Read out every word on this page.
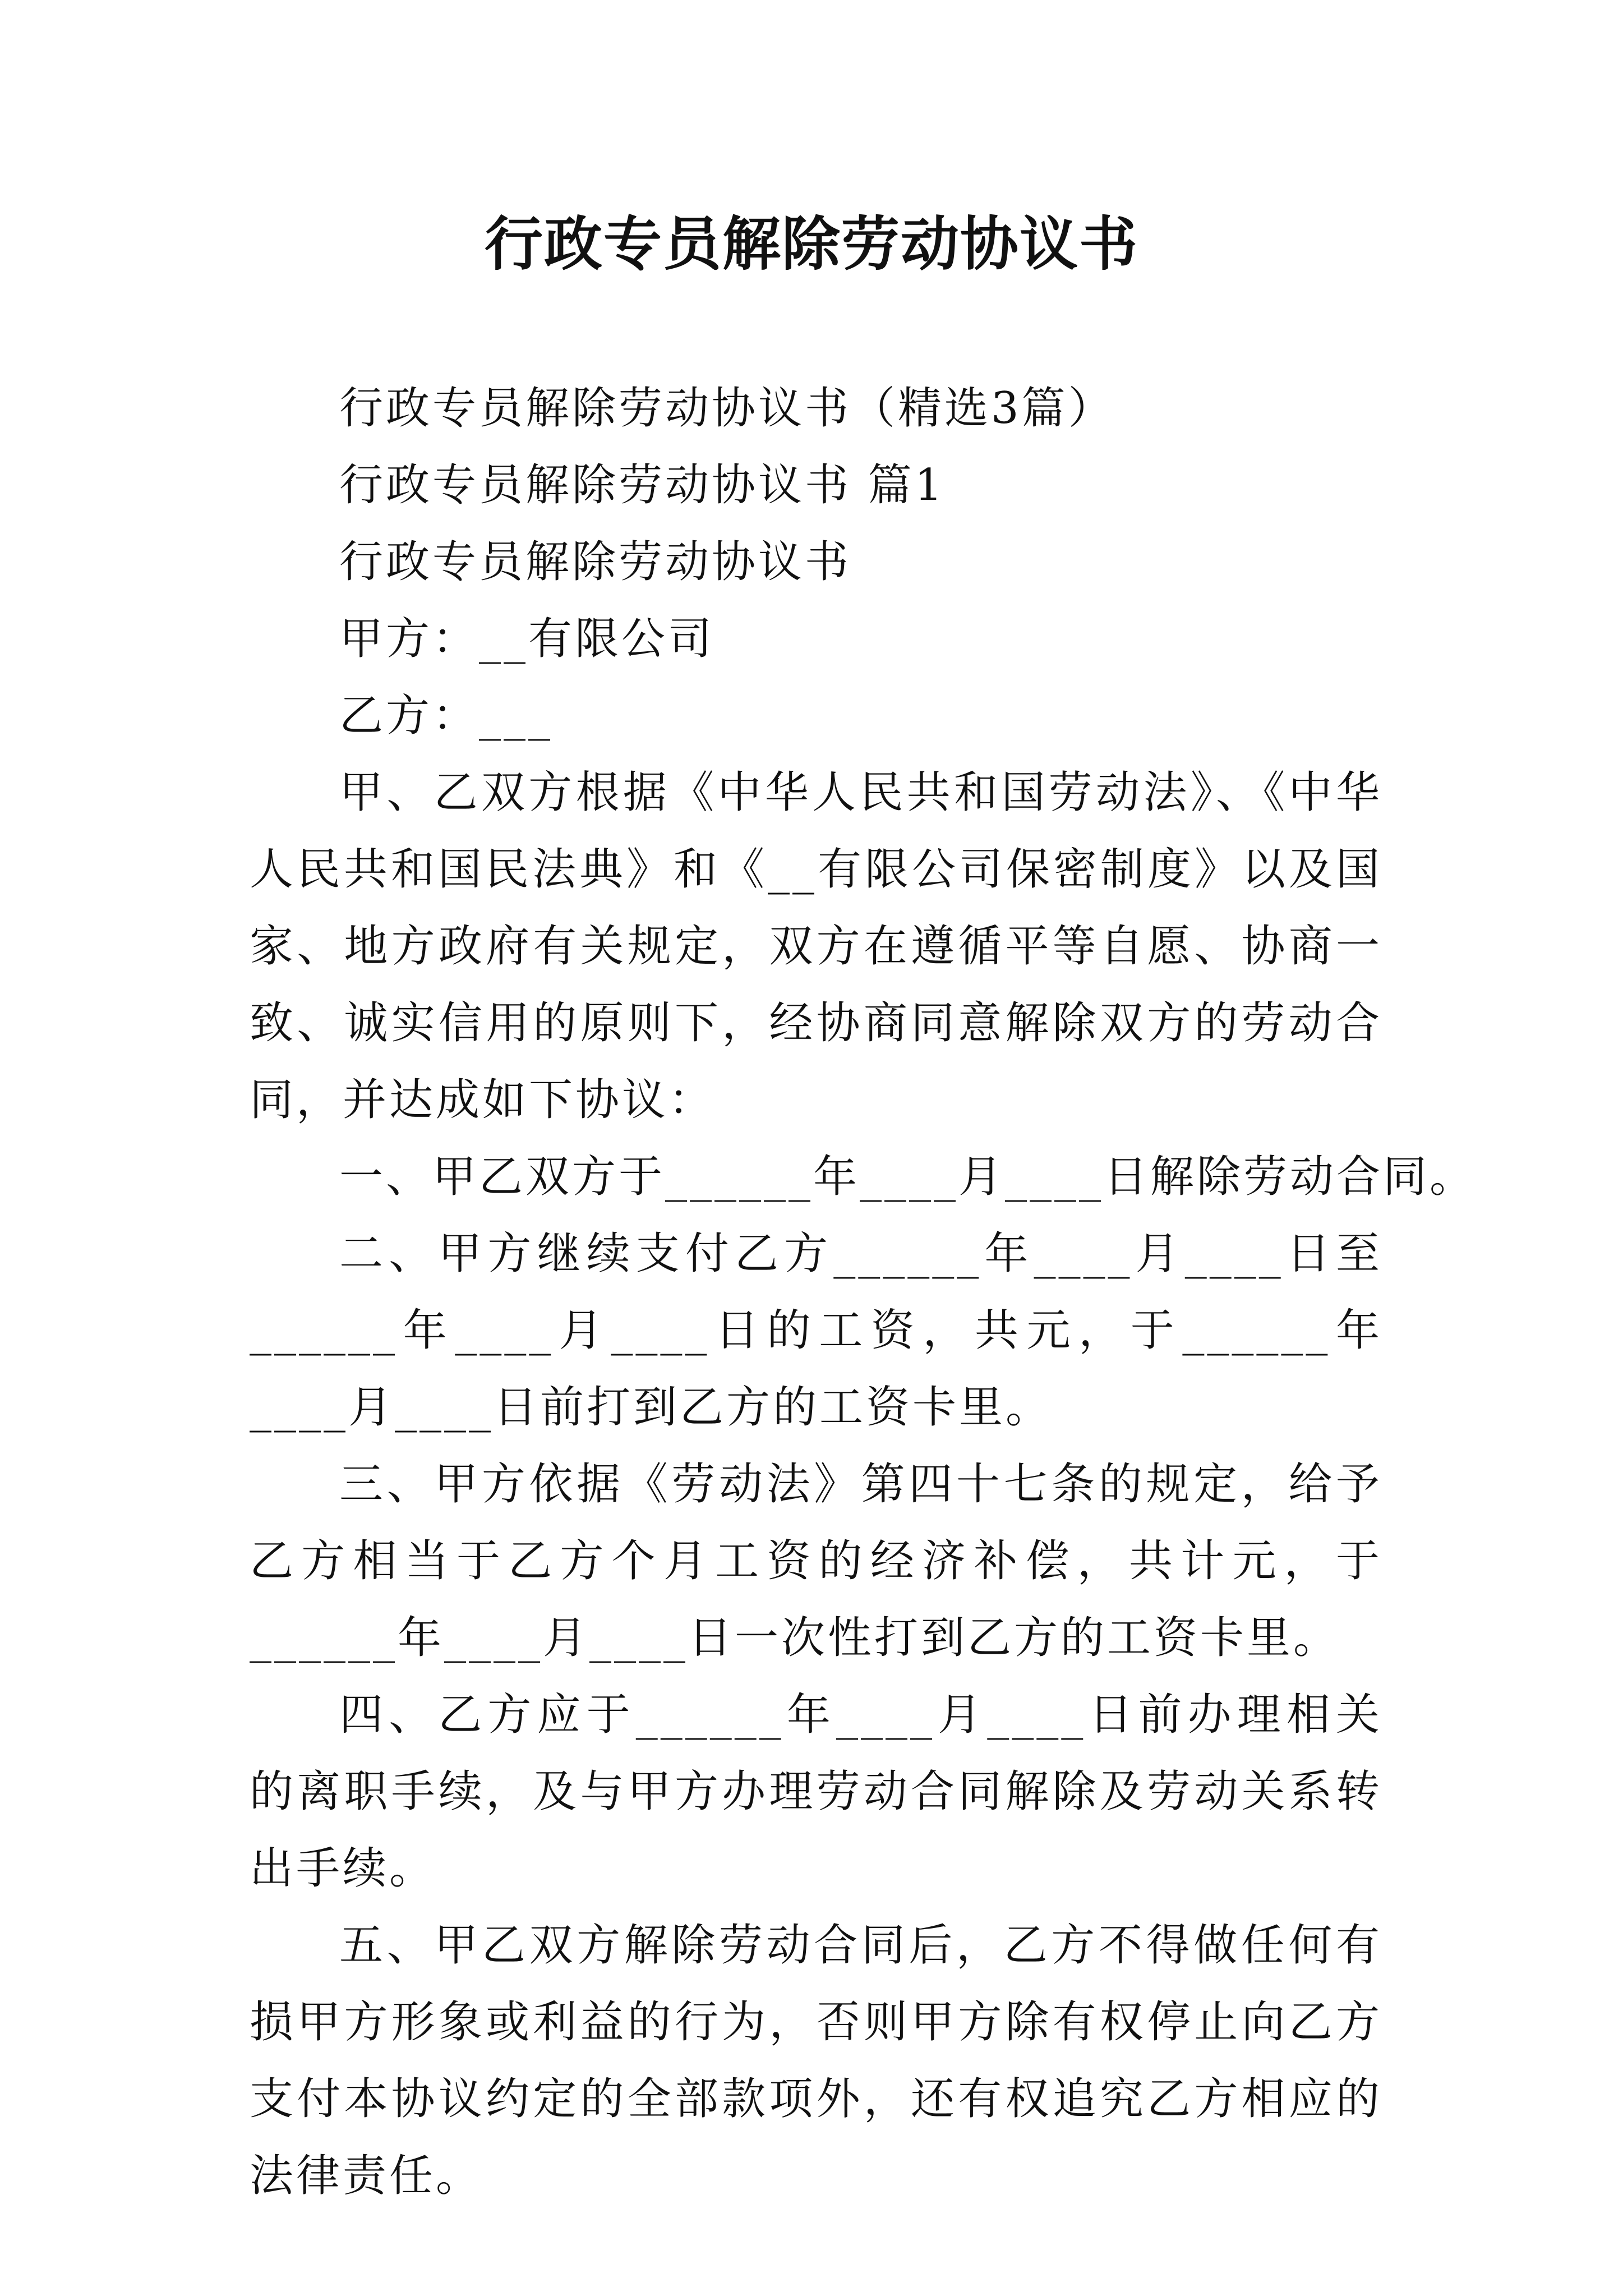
行政专员解除劳动协议书

行政专员解除劳动协议书（精选3篇）

行政专员解除劳动协议书 篇1

行政专员解除劳动协议书

甲方：__有限公司

乙方：___

甲、乙双方根据《中华人民共和国劳动法》、《中华人民共和国民法典》和《__有限公司保密制度》以及国家、地方政府有关规定，双方在遵循平等自愿、协商一致、诚实信用的原则下，经协商同意解除双方的劳动合同，并达成如下协议：

一、甲乙双方于______年____月____日解除劳动合同。

二、甲方继续支付乙方______年____月____日至______年____月____日的工资，共元，于______年____月____日前打到乙方的工资卡里。

三、甲方依据《劳动法》第四十七条的规定，给予乙方相当于乙方个月工资的经济补偿，共计元，于______年____月____日一次性打到乙方的工资卡里。

四、乙方应于______年____月____日前办理相关的离职手续，及与甲方办理劳动合同解除及劳动关系转出手续。

五、甲乙双方解除劳动合同后，乙方不得做任何有损甲方形象或利益的行为，否则甲方除有权停止向乙方支付本协议约定的全部款项外，还有权追究乙方相应的法律责任。
